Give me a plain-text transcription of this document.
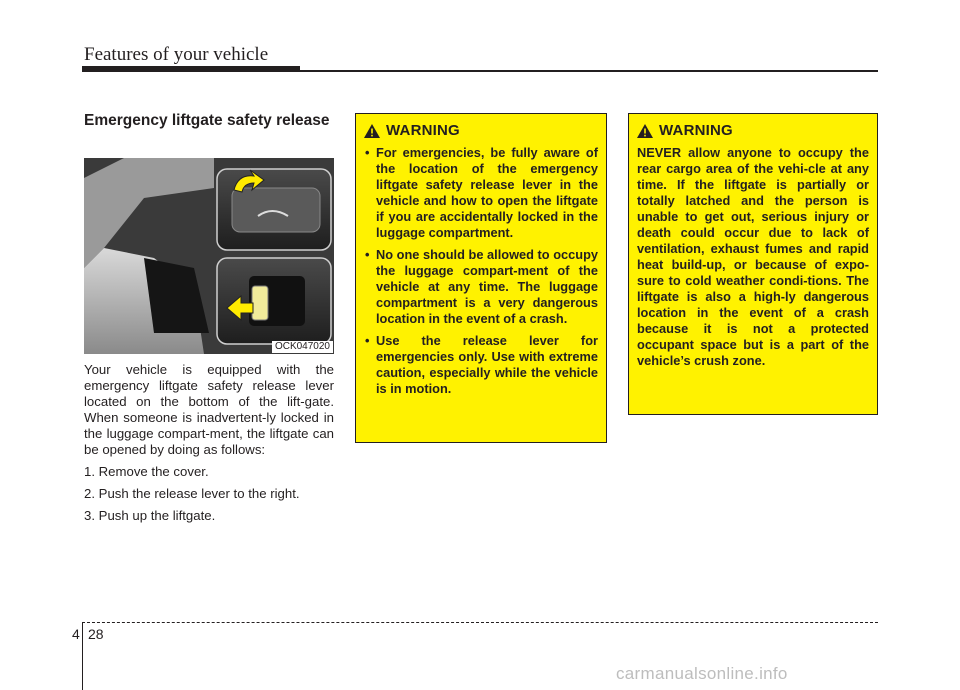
Features of your vehicle
Emergency liftgate safety release
OCK047020

Your vehicle is equipped with the emergency liftgate safety release lever located on the bottom of the lift-gate. When someone is inadvertent-ly locked in the luggage compart-ment, the liftgate can be opened by doing as follows:

1. Remove the cover.
2. Push the release lever to the right.
3. Push up the liftgate.
WARNING
• For emergencies, be fully aware of the location of the emergency liftgate safety release lever in the vehicle and how to open the liftgate if you are accidentally locked in the luggage compartment.
• No one should be allowed to occupy the luggage compart-ment of the vehicle at any time. The luggage compartment is a very dangerous location in the event of a crash.
• Use the release lever for emergencies only. Use with extreme caution, especially while the vehicle is in motion.
WARNING

NEVER allow anyone to occupy the rear cargo area of the vehi-cle at any time. If the liftgate is partially or totally latched and the person is unable to get out, serious injury or death could occur due to lack of ventilation, exhaust fumes and rapid heat build-up, or because of expo-sure to cold weather condi-tions. The liftgate is also a high-ly dangerous location in the event of a crash because it is not a protected occupant space but is a part of the vehicle’s crush zone.

4 28
carmanualsonline.info
